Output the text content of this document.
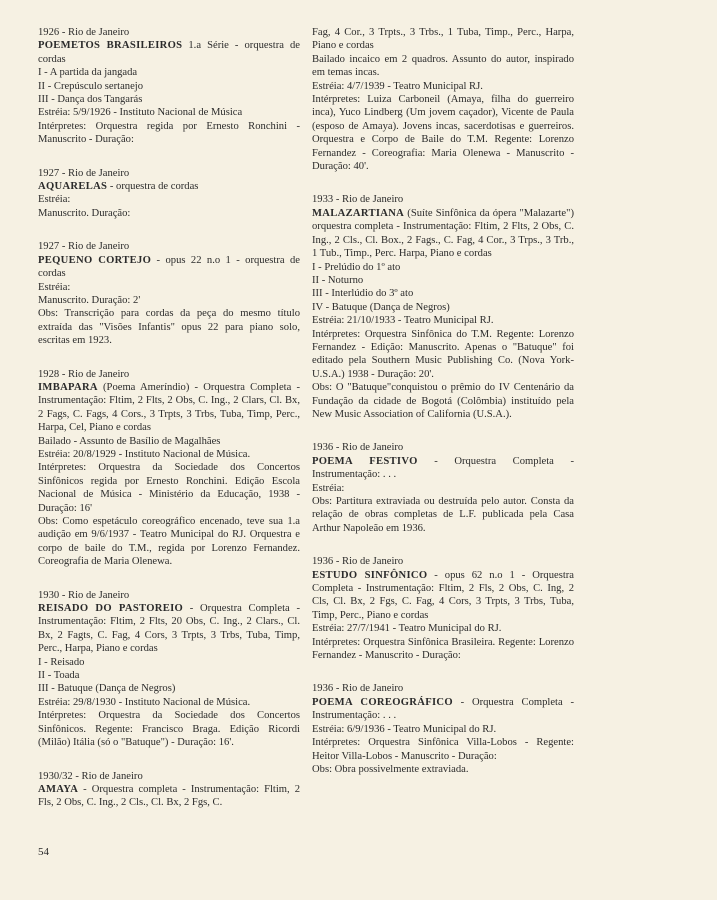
1926 - Rio de Janeiro

POEMETOS BRASILEIROS 1.a Série - orquestra de cordas

I - A partida da jangada

II - Crepúsculo sertanejo

III - Dança dos Tangarás

Estréia: 5/9/1926 - Instituto Nacional de Música

Intérpretes: Orquestra regida por Ernesto Ronchini - Manuscrito - Duração:

1927 - Rio de Janeiro

AQUARELAS - orquestra de cordas

Estréia:

Manuscrito. Duração:

1927 - Rio de Janeiro

PEQUENO CORTEJO - opus 22 n.o 1 - orquestra de cordas

Estréia:

Manuscrito. Duração: 2'

Obs: Transcrição para cordas da peça do mesmo título extraída das "Visões Infantis" opus 22 para piano solo, escritas em 1923.

1928 - Rio de Janeiro

IMBAPARA (Poema Ameríndio) - Orquestra Completa - Instrumentação: Fltim, 2 Flts, 2 Obs, C. Ing., 2 Clars, Cl. Bx, 2 Fags, C. Fags, 4 Cors., 3 Trpts, 3 Trbs, Tuba, Timp, Perc., Harpa, Cel, Piano e cordas

Bailado - Assunto de Basílio de Magalhães

Estréia: 20/8/1929 - Instituto Nacional de Música.

Intérpretes: Orquestra da Sociedade dos Concertos Sinfônicos regida por Ernesto Ronchini. Edição Escola Nacional de Música - Ministério da Educação, 1938 - Duração: 16'

Obs: Como espetáculo coreográfico encenado, teve sua 1.a audição em 9/6/1937 - Teatro Municipal do RJ. Orquestra e corpo de baile do T.M., regida por Lorenzo Fernandez. Coreografia de Maria Olenewa.

1930 - Rio de Janeiro

REISADO DO PASTOREIO - Orquestra Completa - Instrumentação: Fltim, 2 Flts, 20 Obs, C. Ing., 2 Clars., Cl. Bx, 2 Fagts, C. Fag, 4 Cors, 3 Trpts, 3 Trbs, Tuba, Timp, Perc., Harpa, Piano e cordas

I - Reisado

II - Toada

III - Batuque (Dança de Negros)

Estréia: 29/8/1930 - Instituto Nacional de Música.

Intérpretes: Orquestra da Sociedade dos Concertos Sinfônicos. Regente: Francisco Braga. Edição Ricordi (Milão) Itália (só o "Batuque") - Duração: 16'.

1930/32 - Rio de Janeiro

AMAYA - Orquestra completa - Instrumentação: Fltim, 2 Fls, 2 Obs, C. Ing., 2 Cls., Cl. Bx, 2 Fgs, C.

Fag, 4 Cor., 3 Trpts., 3 Trbs., 1 Tuba, Timp., Perc., Harpa, Piano e cordas

Bailado incaico em 2 quadros. Assunto do autor, inspirado em temas incas.

Estréia: 4/7/1939 - Teatro Municipal RJ.

Intérpretes: Luiza Carboneil (Amaya, filha do guerreiro inca), Yuco Lindberg (Um jovem caçador), Vicente de Paula (esposo de Amaya). Jovens incas, sacerdotisas e guerreiros. Orquestra e Corpo de Baile do T.M. Regente: Lorenzo Fernandez - Coreografia: Maria Olenewa - Manuscrito - Duração: 40'.

1933 - Rio de Janeiro

MALAZARTIANA (Suíte Sinfônica da ópera "Malazarte") orquestra completa - Instrumentação: Fltim, 2 Flts, 2 Obs, C. Ing., 2 Cls., Cl. Box., 2 Fags., C. Fag, 4 Cor., 3 Trps., 3 Trb., 1 Tub., Timp., Perc. Harpa, Piano e cordas

I - Prelúdio do 1º ato

II - Noturno

III - Interlúdio do 3º ato

IV - Batuque (Dança de Negros)

Estréia: 21/10/1933 - Teatro Municipal RJ.

Intérpretes: Orquestra Sinfônica do T.M. Regente: Lorenzo Fernandez - Edição: Manuscrito. Apenas o "Batuque" foi editado pela Southern Music Publishing Co. (Nova York-U.S.A.) 1938 - Duração: 20'.

Obs: O "Batuque"conquistou o prêmio do IV Centenário da Fundação da cidade de Bogotá (Colômbia) instituído pela New Music Association of California (U.S.A.).

1936 - Rio de Janeiro

POEMA FESTIVO - Orquestra Completa - Instrumentação: . . .

Estréia:

Obs: Partitura extraviada ou destruída pelo autor. Consta da relação de obras completas de L.F. publicada pela Casa Arthur Napoleão em 1936.

1936 - Rio de Janeiro

ESTUDO SINFÔNICO - opus 62 n.o 1 - Orquestra Completa - Instrumentação: Fltim, 2 Fls, 2 Obs, C. Ing, 2 Cls, Cl. Bx, 2 Fgs, C. Fag, 4 Cors, 3 Trpts, 3 Trbs, Tuba, Timp, Perc., Piano e cordas

Estréia: 27/7/1941 - Teatro Municipal do RJ.

Intérpretes: Orquestra Sinfônica Brasileira. Regente: Lorenzo Fernandez - Manuscrito - Duração:

1936 - Rio de Janeiro

POEMA COREOGRÁFICO - Orquestra Completa - Instrumentação: . . .

Estréia: 6/9/1936 - Teatro Municipal do RJ.

Intérpretes: Orquestra Sinfônica Villa-Lobos - Regente: Heitor Villa-Lobos - Manuscrito - Duração:

Obs: Obra possivelmente extraviada.

54
